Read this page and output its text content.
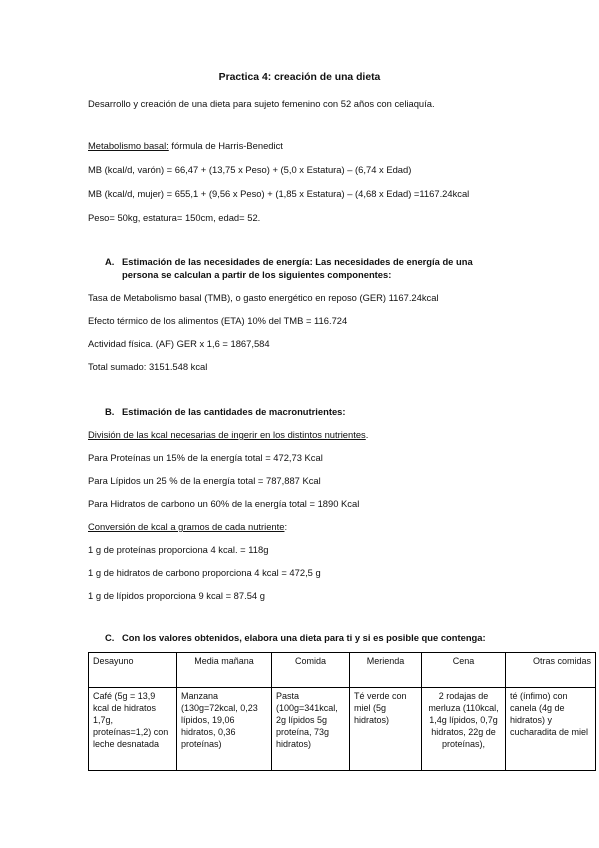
Practica 4: creación de una dieta
Desarrollo y creación de una dieta para sujeto femenino con 52 años con celiaquía.
Metabolismo basal: fórmula de Harris-Benedict
MB (kcal/d, varón) = 66,47 + (13,75 x Peso) + (5,0 x Estatura) – (6,74 x Edad)
MB (kcal/d, mujer) = 655,1 + (9,56 x Peso) + (1,85 x Estatura) – (4,68 x Edad) =1167.24kcal
Peso= 50kg, estatura= 150cm, edad= 52.
A. Estimación de las necesidades de energía: Las necesidades de energía de una persona se calculan a partir de los siguientes componentes:
Tasa de Metabolismo basal (TMB), o gasto energético en reposo (GER) 1167.24kcal
Efecto térmico de los alimentos (ETA) 10% del TMB = 116.724
Actividad física. (AF) GER x 1,6 = 1867,584
Total sumado: 3151.548 kcal
B. Estimación de las cantidades de macronutrientes:
División de las kcal necesarias de ingerir en los distintos nutrientes.
Para Proteínas un 15% de la energía total = 472,73 Kcal
Para Lípidos un 25 % de la energía total = 787,887 Kcal
Para Hidratos de carbono un 60% de la energía total = 1890 Kcal
Conversión de kcal a gramos de cada nutriente:
1 g de proteínas proporciona 4 kcal. = 118g
1 g de hidratos de carbono proporciona 4 kcal = 472,5 g
1 g de lípidos proporciona 9 kcal = 87.54 g
C. Con los valores obtenidos, elabora una dieta para ti y si es posible que contenga:
Desayuno	Media mañana	Comida	Merienda	Cena	Otras comidas

Café (5g = 13,9 kcal de hidratos 1,7g, proteínas=1,2) con leche desnatada	Manzana (130g=72kcal, 0,23 lípidos, 19,06 hidratos, 0,36 proteínas)	Pasta (100g=341kcal, 2g lípidos 5g proteína, 73g hidratos)	Té verde con miel (5g hidratos)	2 rodajas de merluza (110kcal, 1,4g lípidos, 0,7g hidratos, 22g de proteínas),	té (ínfimo) con canela (4g de hidratos) y cucharadita de miel
